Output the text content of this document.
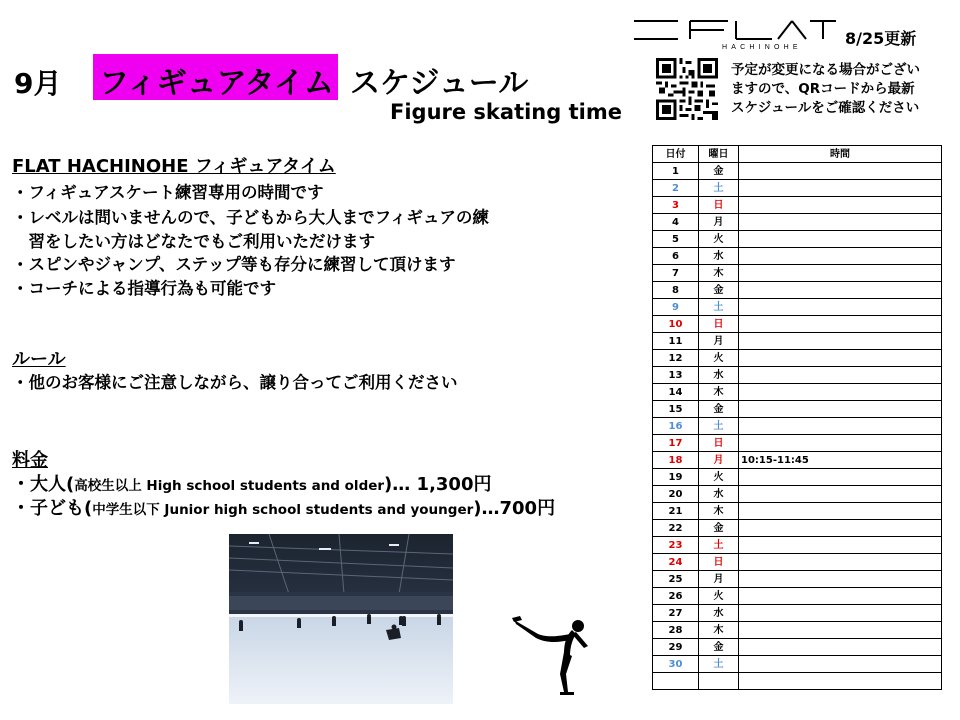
HACHINOHE	8/25更新
9月 フィギュアタイム スケジュール
Figure skating time
予定が変更になる場合がござい
ますので、QRコードから最新
スケジュールをご確認ください
FLAT HACHINOHE フィギュアタイム
・フィギュアスケート練習専用の時間です
・レベルは問いませんので、子どもから大人までフィギュアの練
　習をしたい方はどなたでもご利用いただけます
・スピンやジャンプ、ステップ等も存分に練習して頂けます
・コーチによる指導行為も可能です
ルール
・他のお客様にご注意しながら、譲り合ってご利用ください
料金
・大人(高校生以上 High school students and older)… 1,300円
・子ども(中学生以下 Junior high school students and younger)…700円
日付	曜日	時間
1	金	
2	土	
3	日	
4	月	
5	火	
6	水	
7	木	
8	金	
9	土	
10	日	
11	月	
12	火	
13	水	
14	木	
15	金	
16	土	
17	日	
18	月	10:15-11:45
19	火	
20	水	
21	木	
22	金	
23	土	
24	日	
25	月	
26	火	
27	水	
28	木	
29	金	
30	土	
